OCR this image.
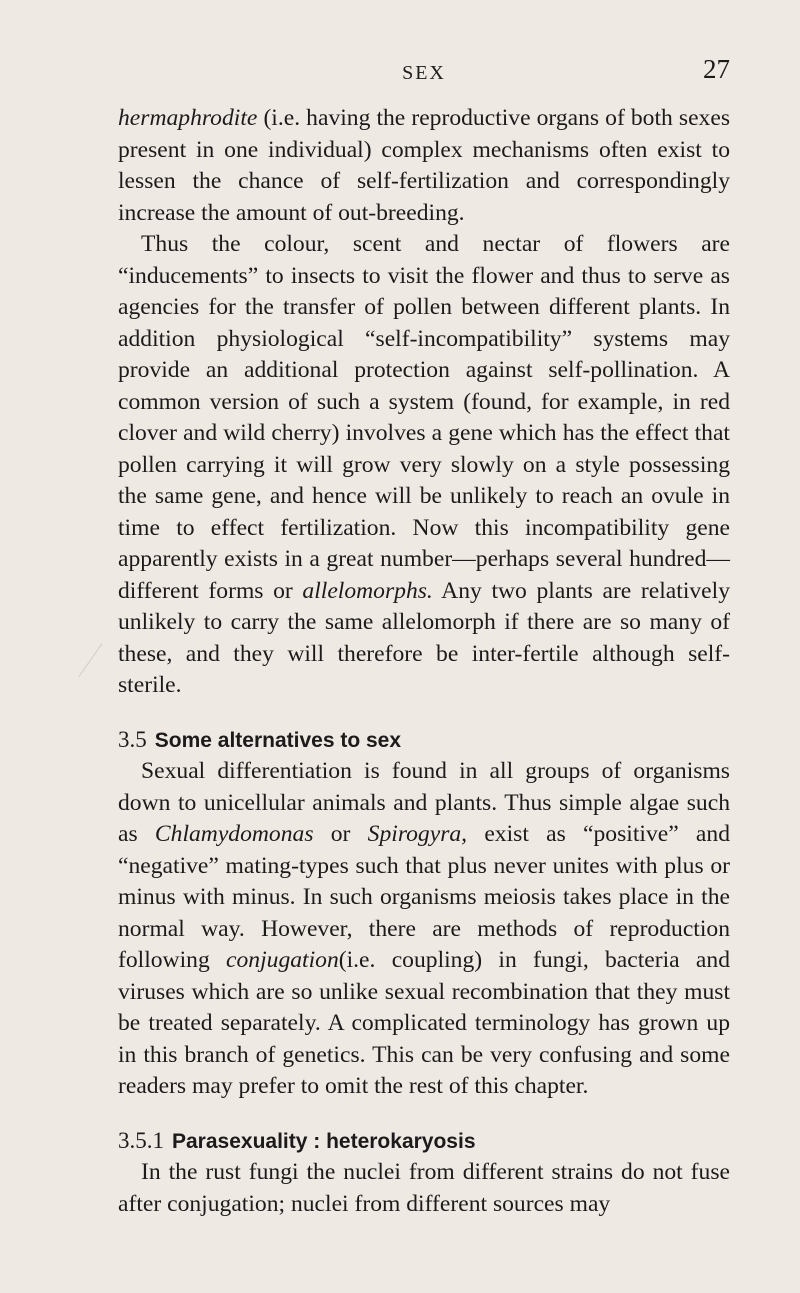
SEX	27

hermaphrodite (i.e. having the reproductive organs of both sexes present in one individual) complex mechanisms often exist to lessen the chance of self-fertilization and correspondingly increase the amount of out-breeding.

Thus the colour, scent and nectar of flowers are “inducements” to insects to visit the flower and thus to serve as agencies for the transfer of pollen between different plants. In addition physiological “self-incompatibility” systems may provide an additional protection against self-pollination. A common version of such a system (found, for example, in red clover and wild cherry) involves a gene which has the effect that pollen carrying it will grow very slowly on a style possessing the same gene, and hence will be unlikely to reach an ovule in time to effect fertilization. Now this incompatibility gene apparently exists in a great number—perhaps several hundred—different forms or allelomorphs. Any two plants are relatively unlikely to carry the same allelomorph if there are so many of these, and they will therefore be inter-fertile although self-sterile.

3.5 Some alternatives to sex

Sexual differentiation is found in all groups of organisms down to unicellular animals and plants. Thus simple algae such as Chlamydomonas or Spirogyra, exist as “positive” and “negative” mating-types such that plus never unites with plus or minus with minus. In such organisms meiosis takes place in the normal way. However, there are methods of reproduction following conjugation(i.e. coupling) in fungi, bacteria and viruses which are so unlike sexual recombination that they must be treated separately. A complicated terminology has grown up in this branch of genetics. This can be very confusing and some readers may prefer to omit the rest of this chapter.

3.5.1 Parasexuality : heterokaryosis

In the rust fungi the nuclei from different strains do not fuse after conjugation; nuclei from different sources may
